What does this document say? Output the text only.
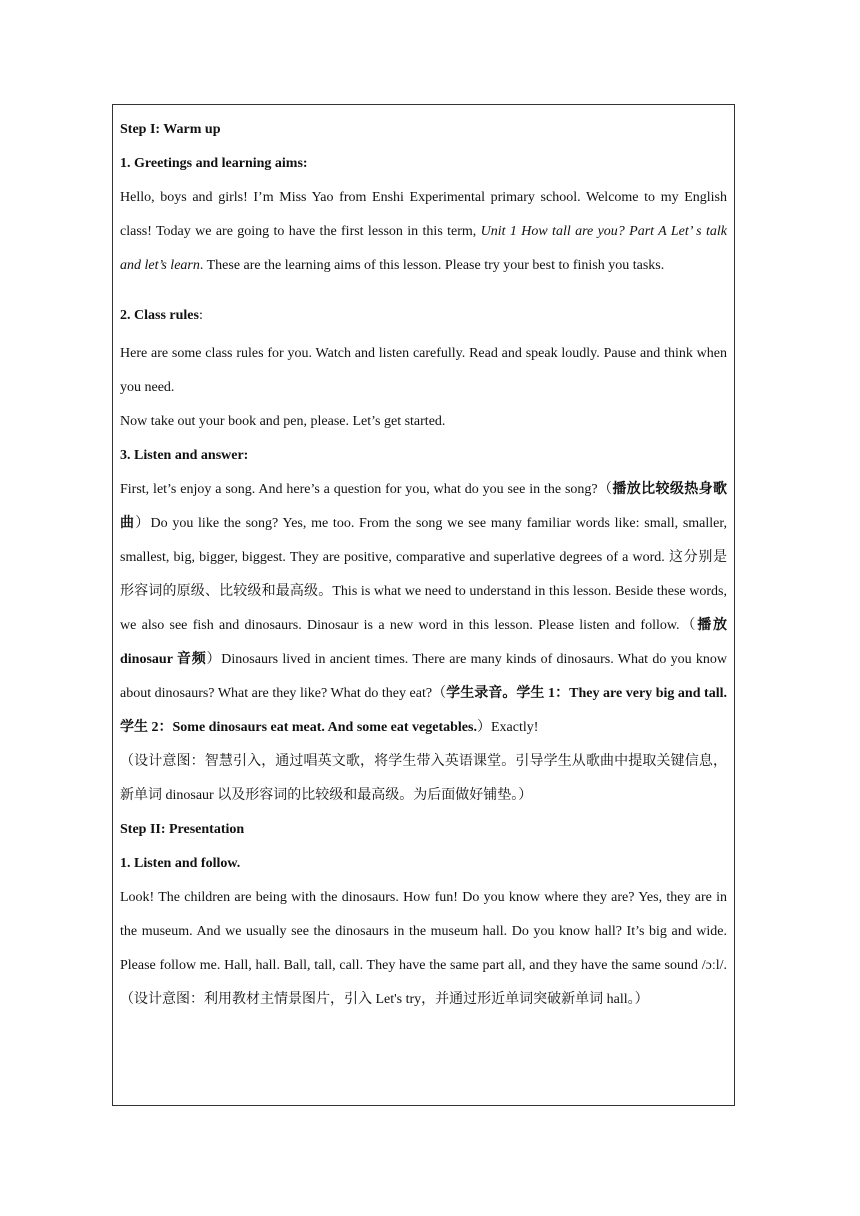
Step I: Warm up

1. Greetings and learning aims:

Hello, boys and girls! I’m Miss Yao from Enshi Experimental primary school. Welcome to my English class! Today we are going to have the first lesson in this term, Unit 1 How tall are you? Part A Let’ s talk and let’s learn. These are the learning aims of this lesson. Please try your best to finish you tasks.

2. Class rules:

Here are some class rules for you. Watch and listen carefully. Read and speak loudly. Pause and think when you need.

Now take out your book and pen, please. Let’s get started.

3. Listen and answer:

First, let’s enjoy a song. And here’s a question for you, what do you see in the song?（播放比较级热身歌曲）Do you like the song? Yes, me too. From the song we see many familiar words like: small, smaller, smallest, big, bigger, biggest. They are positive, comparative and superlative degrees of a word. 这分别是形容词的原级、比较级和最高级。This is what we need to understand in this lesson. Beside these words, we also see fish and dinosaurs. Dinosaur is a new word in this lesson. Please listen and follow.（播放 dinosaur 音频）Dinosaurs lived in ancient times. There are many kinds of dinosaurs. What do you know about dinosaurs? What are they like? What do they eat?（学生录音。学生 1：They are very big and tall. 学生 2：Some dinosaurs eat meat. And some eat vegetables.）Exactly!

（设计意图：智慧引入，通过唱英文歌，将学生带入英语课堂。引导学生从歌曲中提取关键信息，新单词 dinosaur 以及形容词的比较级和最高级。为后面做好铺垫。）

Step II: Presentation

1. Listen and follow.

Look! The children are being with the dinosaurs. How fun! Do you know where they are? Yes, they are in the museum. And we usually see the dinosaurs in the museum hall. Do you know hall? It’s big and wide. Please follow me. Hall, hall. Ball, tall, call. They have the same part all, and they have the same sound /ɔːl/. （设计意图：利用教材主情景图片，引入 Let's try，并通过形近单词突破新单词 hall。）
